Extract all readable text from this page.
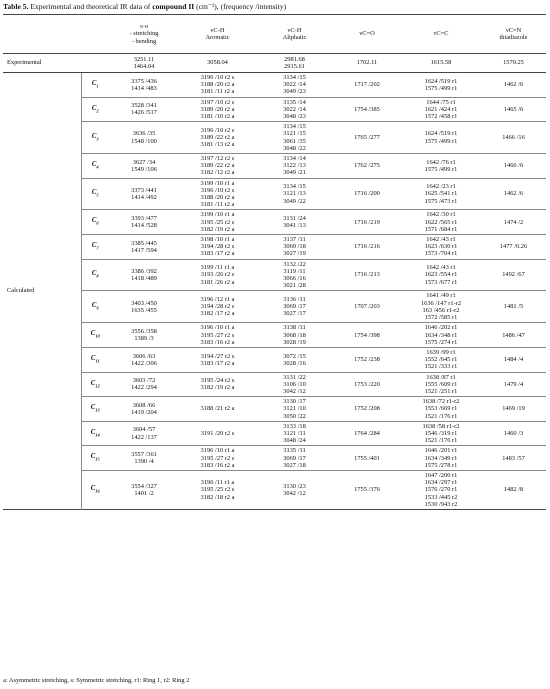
Table 5. Experimental and theoretical IR data of compound II (cm⁻¹), (frequency /intensity)

		N-H
- stretching
- bending	νC-H
Aromatic	νC-H
Aliphatic	νC=O	νC=C	νC=N
thiadiazole

Experimental		3251.11
1464.04	3058.04	2981.68
2915.61	1702.11	1615.58	1570.25

Calculated	$C_1$	3375 /436
1414 /483	3196 /10 r2 s
3188 /20 r2 a
3181 /11 r2 a	3134 /15
3022 /14
3049 /23	1717 /202	1624 /519 r1
1575 /499 r1	1462 /6

	$C_2$	3528 /341
1426 /517	3197 /10 r2 s
3189 /20 r2 a
3181 /10 r2 a	3135 /14
3022 /14
3048 /23	1754 /385	1644 /75 r1
1621 /424 r1
1572 /458 r1	1465 /6

	$C_3$	3636 /35
1548 /100	3196 /10 r2 s
3189 /22 r2 a
3181 /13 r2 a	3134 /15
3121 /15
3061 /35
3048 /22	1765 /277	1624 /519 r1
1575 /499 r1	1466 /16

	$C_4$	3627 /34
1549 /106	3197 /12 r2 s
3189 /22 r2 a
3182 /12 r2 a	3134 /14
3122 /13
3049 /21	1762 /275	1642 /76 r1
1575 /499 r1	1466 /6

	$C_5$	3373 /441
1414 /492	3199 /10 r1 a
3196 /10 r2 s
3188 /20 r2 a
3181 /11 r2 a	3134 /15
3121 /13
3049 /22	1716 /200	1642 /23 r1
1625 /541 r1
1575 /473 r1	1462 /6

	$C_6$	3393 /477
1414 /528	3199 /10 r1 a
3195 /25 r2 s
3182 /19 r2 a	3131 /24
3041 /13	1716 /219	1642 /30 r1
1622 /565 r1
1571 /684 r1	1474 /2

	$C_7$	3385 /445
1417 /594	3198 /10 r1 a
3194 /28 r2 s
3183 /17 r2 a	3137 /11
3069 /18
3027 /19	1716 /216	1642 /43 r1
1623 /630 r1
1573 /704 r1	1477 /0.26

	$C_8$	3386 /392
1418 /489	3199 /11 r1 a
3193 /26 r2 s
3181 /26 r2 a	3132 /22
3119 /11
3066 /16
3021 /28	1716 /213	1642 /43 r1
1623 /554 r1
1573 /677 r1	1492 /67

	$C_9$	3403 /450
1635 /455	3196 /12 r1 a
3194 /28 r2 s
3182 /17 r2 a	3136 /11
3069 /17
3027 /17	1707 /203	1641 /49 r1
1636 /147 r1-r2
163 /456 r1-r2
1572 /585 r1	1481 /5

	$C_{10}$	3556 /358
1389 /3	3196 /10 r1 a
3195 /27 r2 s
3183 /16 r2 a	3138 /11
3068 /18
3028 /19	1754 /398	1646 /202 r1
1634 /348 r1
1575 /274 r1	1486 /47

	$C_{11}$	3606 /63
1422 /306	3194 /27 r2 s
3183 /17 r2 a	3072 /15
3028 /16	1752 /238	1639 /99 r1
1552 /645 r1
1521 /333 r1	1484 /4

	$C_{12}$	3603 /72
1422 /294	3195 /24 r2 s
3182 /19 r2 a	3131 /22
3106 /10
3042 /12	1753 /220	1638 /87 r1
1555 /609 r1
1521 /251 r1	1479 /4

	$C_{13}$	3608 /66
1419 /204	3188 /21 r2 a	3130 /17
3121 /10
3050 /22	1752 /208	1638 /72 r1-r2
1553 /669 r1
1521 /176 r1	1469 /19

	$C_{14}$	3604 /57
1422 /137	3191 /20 r2 s	3133 /18
3121 /11
3048 /24	1764 /284	1638 /58 r1-r2
1546 /319 r1
1521 /176 r1	1460 /3

	$C_{15}$	3557 /361
1390 /4	3196 /10 r1 a
3195 /27 r2 s
3183 /16 r2 a	3135 /11
3069 /17
3027 /18	1755 /401	1646 /201 r1
1634 /349 r1
1575 /278 r1	1483 /57

	$C_{16}$	3554 /327
1401 /2	3196 /11 r1 a
3195 /25 r2 s
3182 /18 r2 a	3130 /23
3042 /12	1755 /376	1647 /200 r1
1634 /297 r1
1576 /270 r1
1533 /445 r2
1530 /943 r2	1482 /8
a: Asymmetric stretching, s: Symmetric stretching, r1: Ring 1, r2: Ring 2
